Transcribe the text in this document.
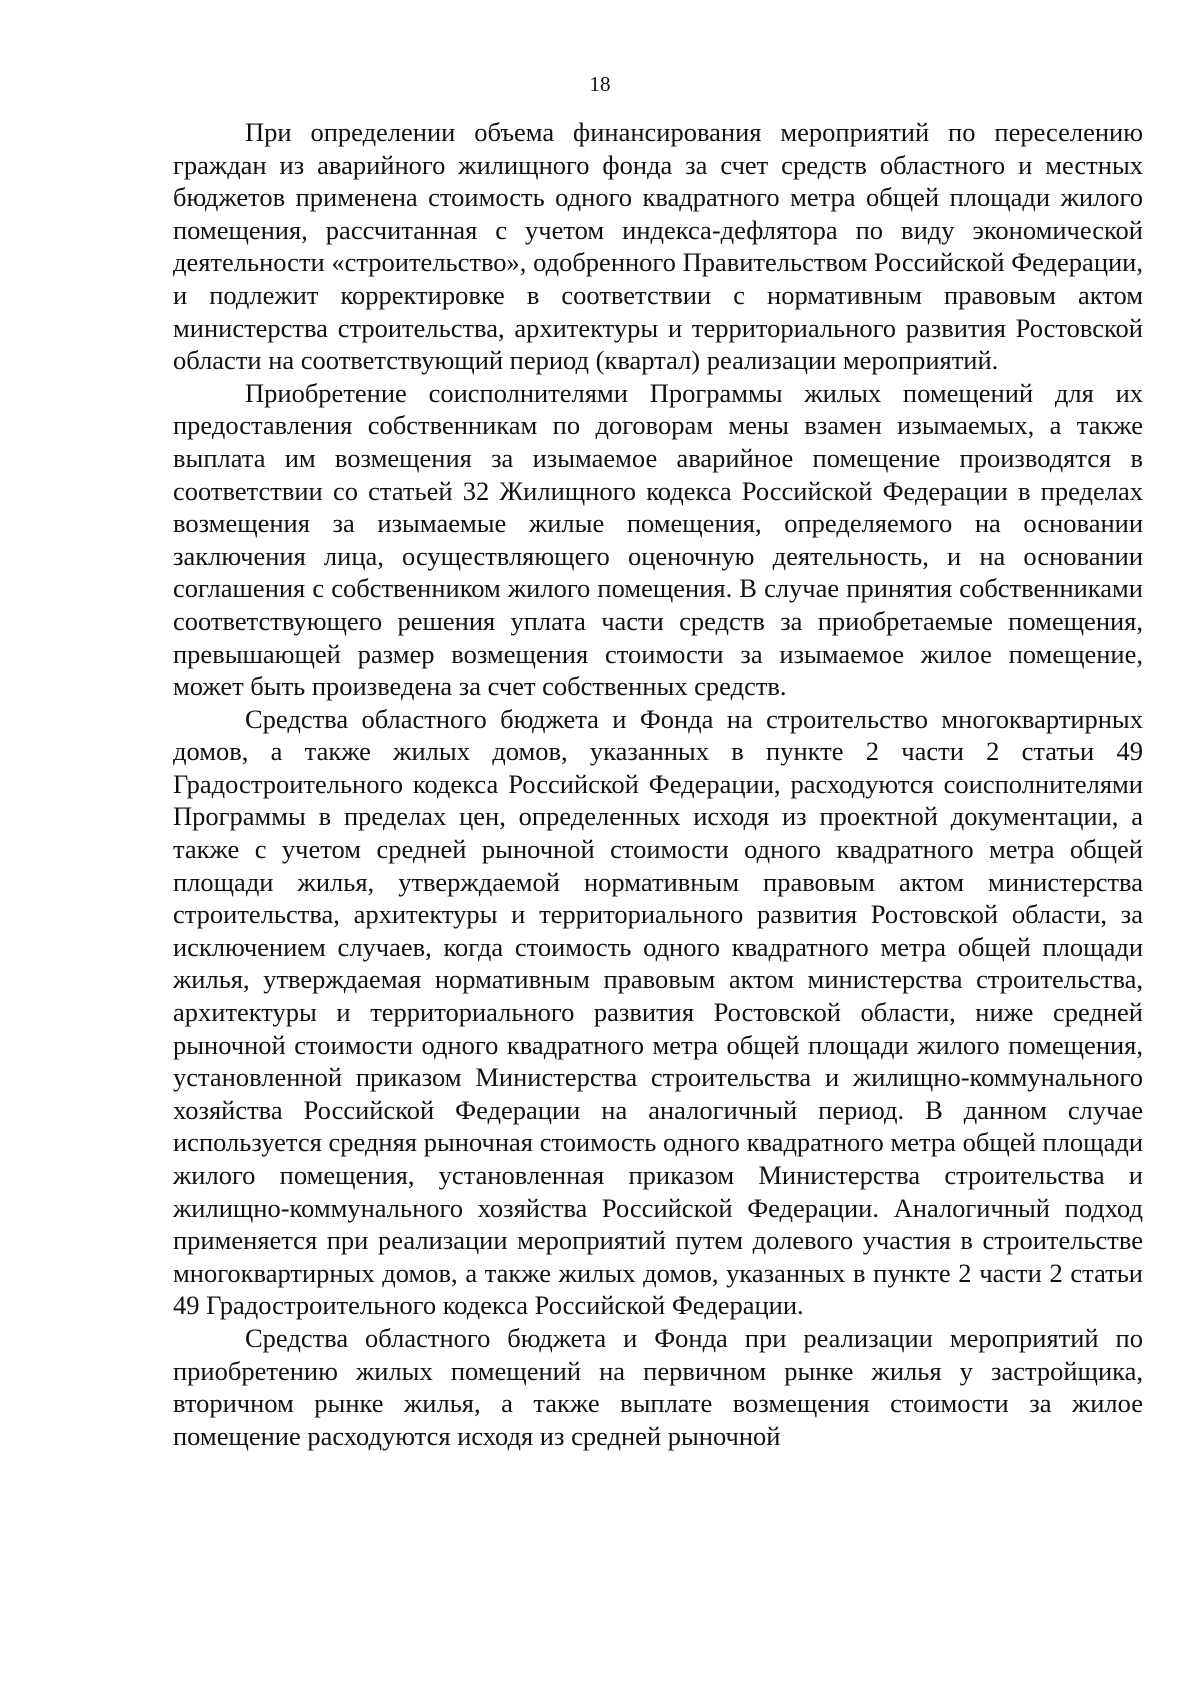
18

При определении объема финансирования мероприятий по переселению граждан из аварийного жилищного фонда за счет средств областного и местных бюджетов применена стоимость одного квадратного метра общей площади жилого помещения, рассчитанная с учетом индекса-дефлятора по виду экономической деятельности «строительство», одобренного Правительством Российской Федерации, и подлежит корректировке в соответствии с нормативным правовым актом министерства строительства, архитектуры и территориального развития Ростовской области на соответствующий период (квартал) реализации мероприятий.

Приобретение соисполнителями Программы жилых помещений для их предоставления собственникам по договорам мены взамен изымаемых, а также выплата им возмещения за изымаемое аварийное помещение производятся в соответствии со статьей 32 Жилищного кодекса Российской Федерации в пределах возмещения за изымаемые жилые помещения, определяемого на основании заключения лица, осуществляющего оценочную деятельность, и на основании соглашения с собственником жилого помещения. В случае принятия собственниками соответствующего решения уплата части средств за приобретаемые помещения, превышающей размер возмещения стоимости за изымаемое жилое помещение, может быть произведена за счет собственных средств.

Средства областного бюджета и Фонда на строительство многоквартирных домов, а также жилых домов, указанных в пункте 2 части 2 статьи 49 Градостроительного кодекса Российской Федерации, расходуются соисполнителями Программы в пределах цен, определенных исходя из проектной документации, а также с учетом средней рыночной стоимости одного квадратного метра общей площади жилья, утверждаемой нормативным правовым актом министерства строительства, архитектуры и территориального развития Ростовской области, за исключением случаев, когда стоимость одного квадратного метра общей площади жилья, утверждаемая нормативным правовым актом министерства строительства, архитектуры и территориального развития Ростовской области, ниже средней рыночной стоимости одного квадратного метра общей площади жилого помещения, установленной приказом Министерства строительства и жилищно-коммунального хозяйства Российской Федерации на аналогичный период. В данном случае используется средняя рыночная стоимость одного квадратного метра общей площади жилого помещения, установленная приказом Министерства строительства и жилищно-коммунального хозяйства Российской Федерации. Аналогичный подход применяется при реализации мероприятий путем долевого участия в строительстве многоквартирных домов, а также жилых домов, указанных в пункте 2 части 2 статьи 49 Градостроительного кодекса Российской Федерации.

Средства областного бюджета и Фонда при реализации мероприятий по приобретению жилых помещений на первичном рынке жилья у застройщика, вторичном рынке жилья, а также выплате возмещения стоимости за жилое помещение расходуются исходя из средней рыночной
